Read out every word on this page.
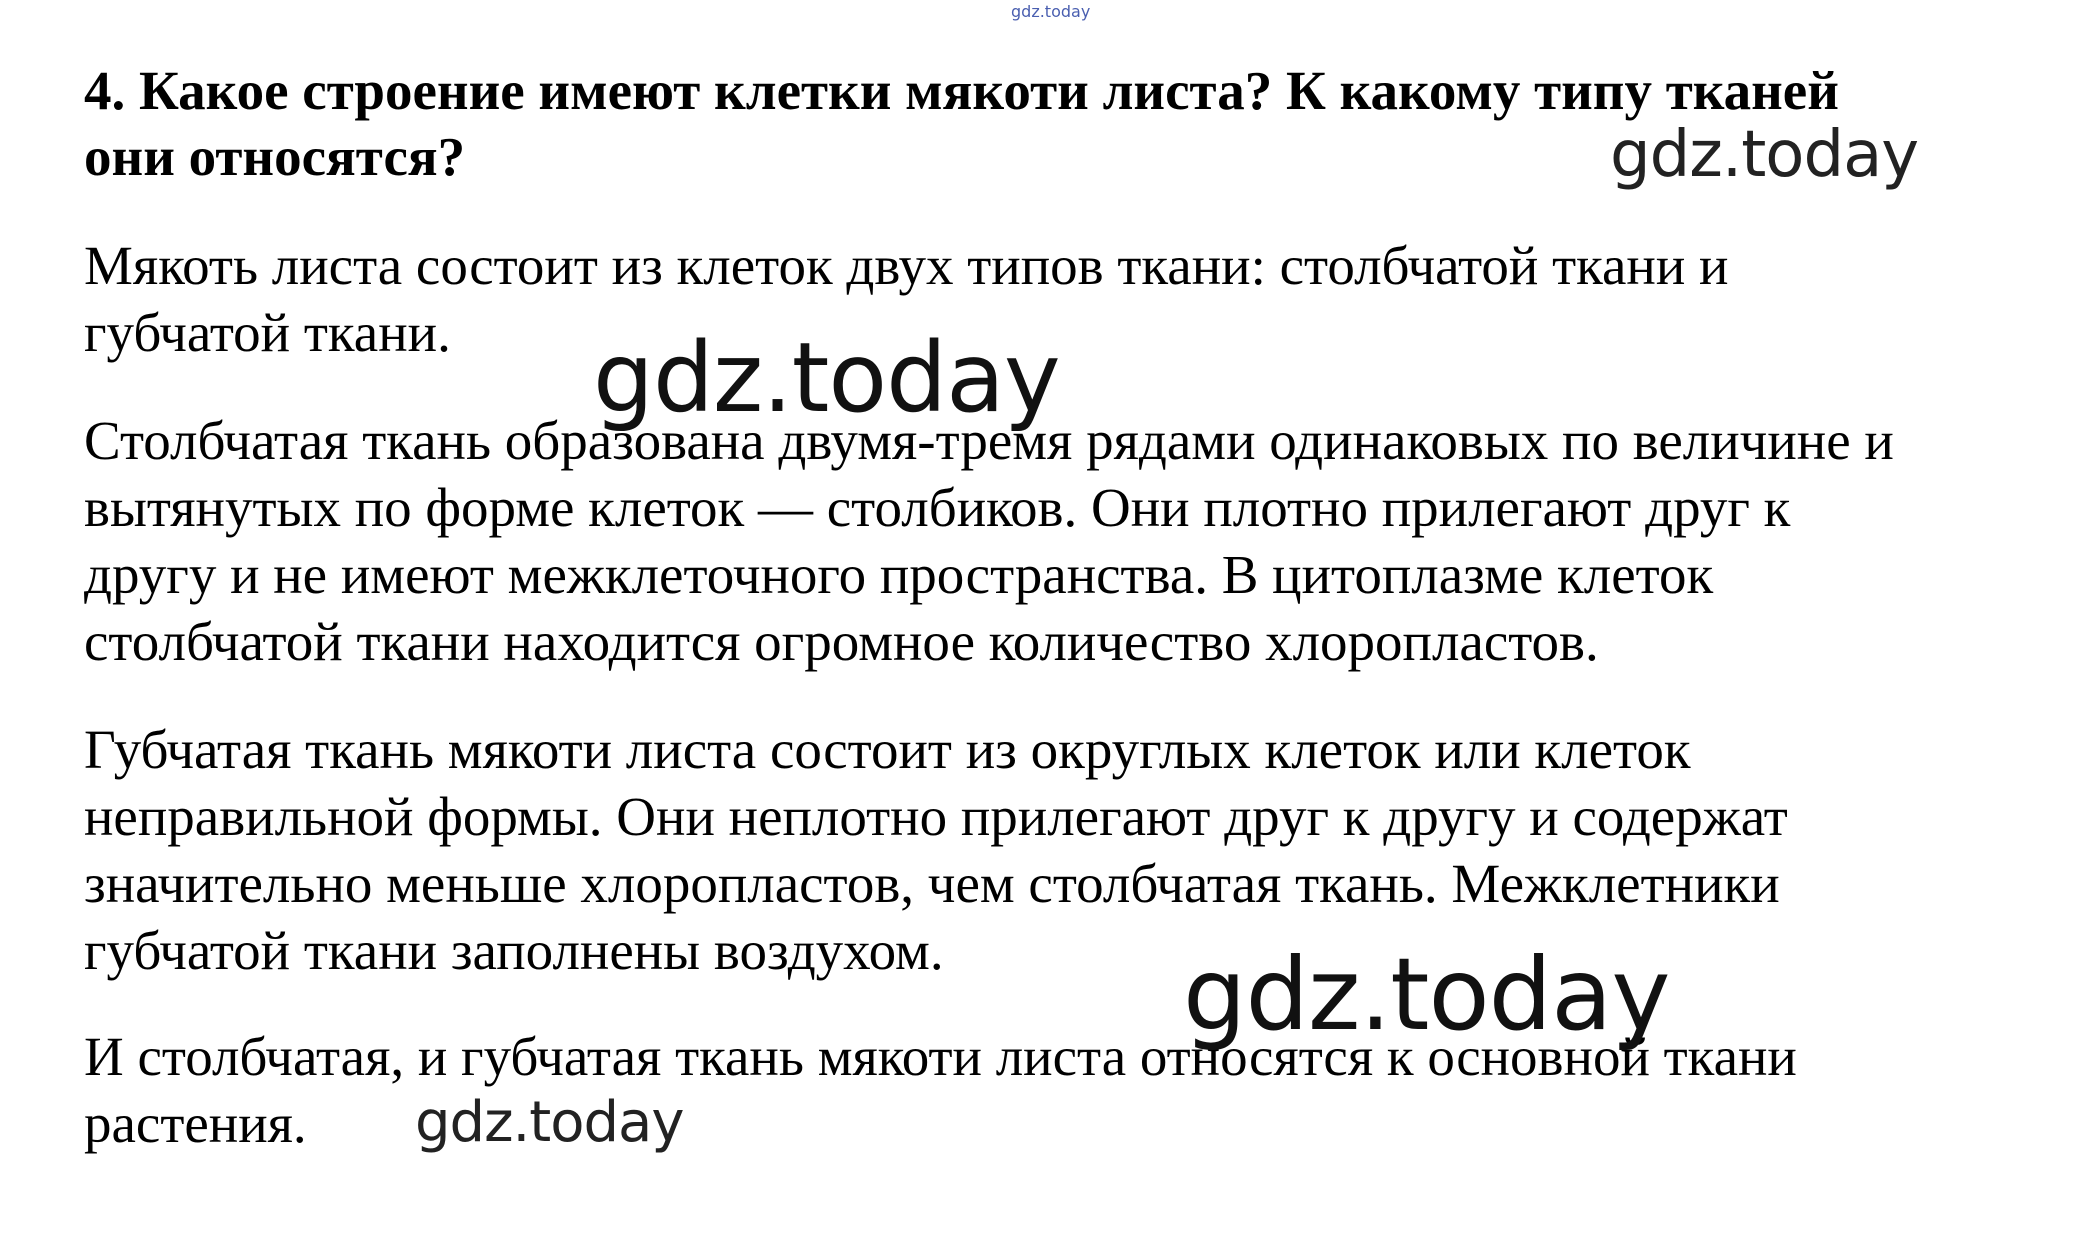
gdz.today
4. Какое строение имеют клетки мякоти листа? К какому типу тканей
они относятся?

Мякоть листа состоит из клеток двух типов ткани: столбчатой ткани и
губчатой ткани.

Столбчатая ткань образована двумя-тремя рядами одинаковых по величине и
вытянутых по форме клеток — столбиков. Они плотно прилегают друг к
другу и не имеют межклеточного пространства. В цитоплазме клеток
столбчатой ткани находится огромное количество хлоропластов.

Губчатая ткань мякоти листа состоит из округлых клеток или клеток
неправильной формы. Они неплотно прилегают друг к другу и содержат
значительно меньше хлоропластов, чем столбчатая ткань. Межклетники
губчатой ткани заполнены воздухом.

И столбчатая, и губчатая ткань мякоти листа относятся к основной ткани
растения.

gdz.today
gdz.today
gdz.today
gdz.today
